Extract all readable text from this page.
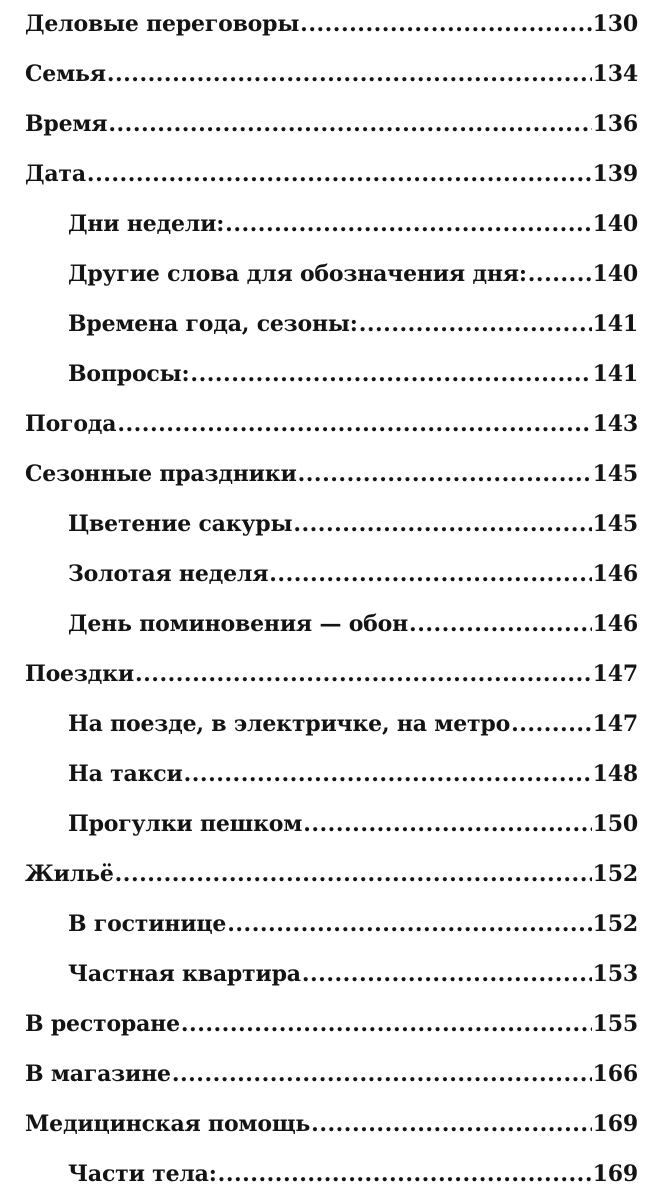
Деловые переговоры .....	130
Семья .....	134
Время .....	136
Дата .....	139
Дни недели: .....	140
Другие слова для обозначения дня: .....	140
Времена года, сезоны: .....	141
Вопросы: .....	141
Погода .....	143
Сезонные праздники .....	145
Цветение сакуры .....	145
Золотая неделя .....	146
День поминовения — обон .....	146
Поездки .....	147
На поезде, в электричке, на метро .....	147
На такси .....	148
Прогулки пешком .....	150
Жильё .....	152
В гостинице .....	152
Частная квартира .....	153
В ресторане .....	155
В магазине .....	166
Медицинская помощь .....	169
Части тела: .....	169
